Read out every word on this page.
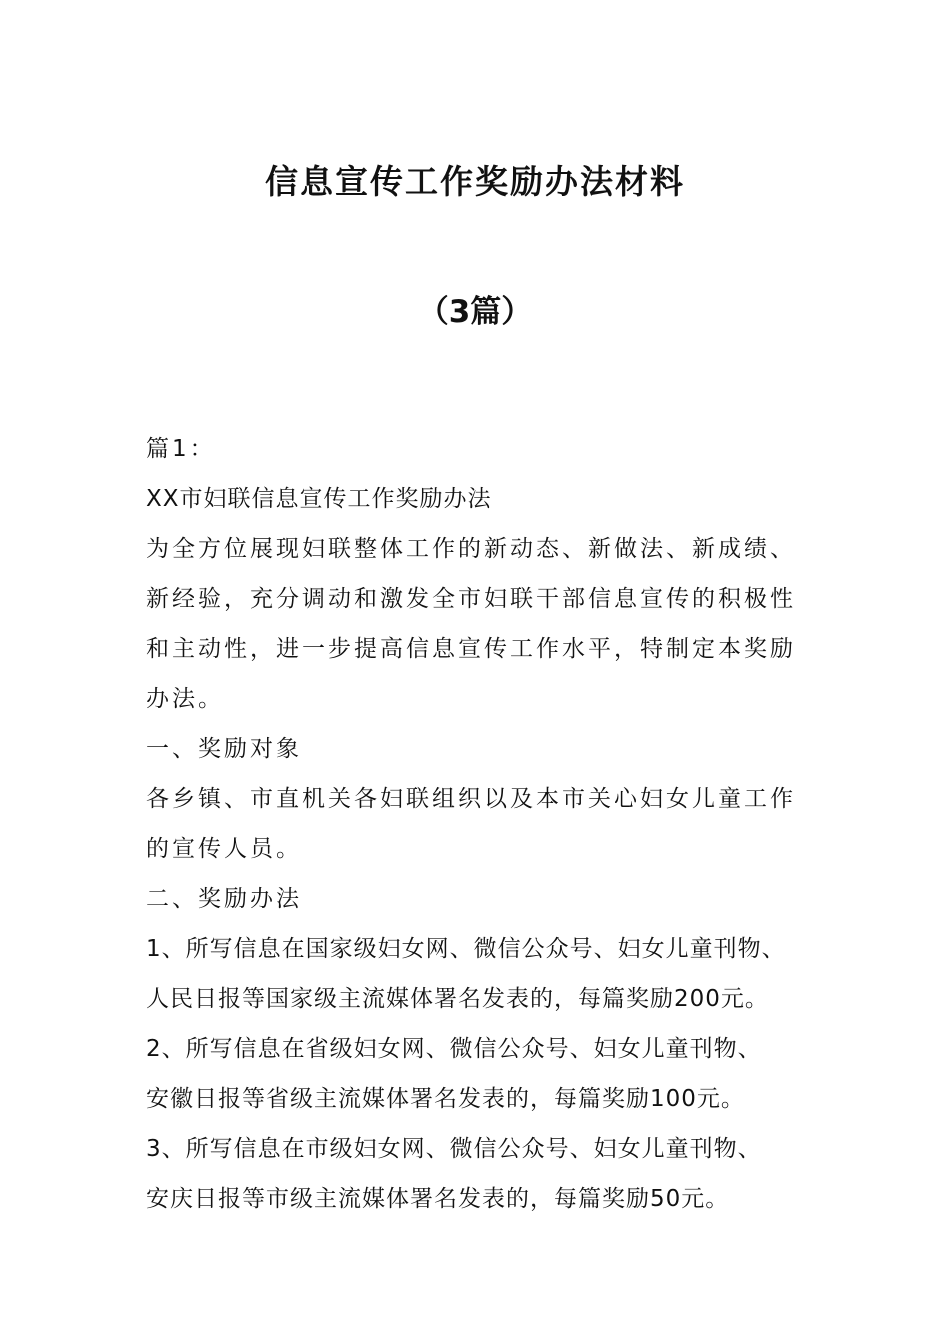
信息宣传工作奖励办法材料
（3篇）

篇1：

XX市妇联信息宣传工作奖励办法

为全方位展现妇联整体工作的新动态、新做法、新成绩、

新经验，充分调动和激发全市妇联干部信息宣传的积极性

和主动性，进一步提高信息宣传工作水平，特制定本奖励

办法。

一、奖励对象

各乡镇、市直机关各妇联组织以及本市关心妇女儿童工作

的宣传人员。

二、奖励办法

1、所写信息在国家级妇女网、微信公众号、妇女儿童刊物、

人民日报等国家级主流媒体署名发表的，每篇奖励200元。

2、所写信息在省级妇女网、微信公众号、妇女儿童刊物、

安徽日报等省级主流媒体署名发表的，每篇奖励100元。

3、所写信息在市级妇女网、微信公众号、妇女儿童刊物、

安庆日报等市级主流媒体署名发表的，每篇奖励50元。
